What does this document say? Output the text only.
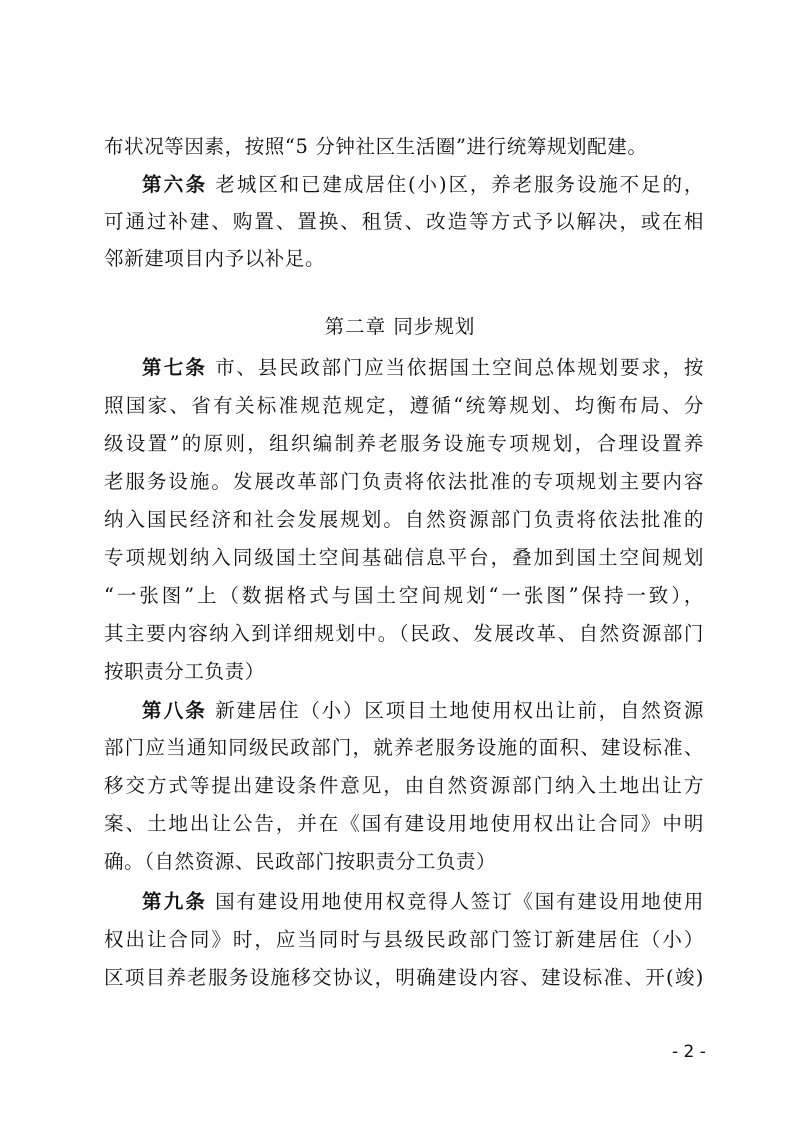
布状况等因素，按照“5 分钟社区生活圈”进行统筹规划配建。
第六条 老城区和已建成居住(小)区，养老服务设施不足的，
可通过补建、购置、置换、租赁、改造等方式予以解决，或在相
邻新建项目内予以补足。
第二章 同步规划
第七条 市、县民政部门应当依据国土空间总体规划要求，按
照国家、省有关标准规范规定，遵循“统筹规划、均衡布局、分
级设置”的原则，组织编制养老服务设施专项规划，合理设置养
老服务设施。发展改革部门负责将依法批准的专项规划主要内容
纳入国民经济和社会发展规划。自然资源部门负责将依法批准的
专项规划纳入同级国土空间基础信息平台，叠加到国土空间规划
“一张图”上（数据格式与国土空间规划“一张图”保持一致），
其主要内容纳入到详细规划中。（民政、发展改革、自然资源部门
按职责分工负责）
第八条 新建居住（小）区项目土地使用权出让前，自然资源
部门应当通知同级民政部门，就养老服务设施的面积、建设标准、
移交方式等提出建设条件意见，由自然资源部门纳入土地出让方
案、土地出让公告，并在《国有建设用地使用权出让合同》中明
确。（自然资源、民政部门按职责分工负责）
第九条 国有建设用地使用权竞得人签订《国有建设用地使用
权出让合同》时，应当同时与县级民政部门签订新建居住（小）
区项目养老服务设施移交协议，明确建设内容、建设标准、开(竣)
- 2 -
